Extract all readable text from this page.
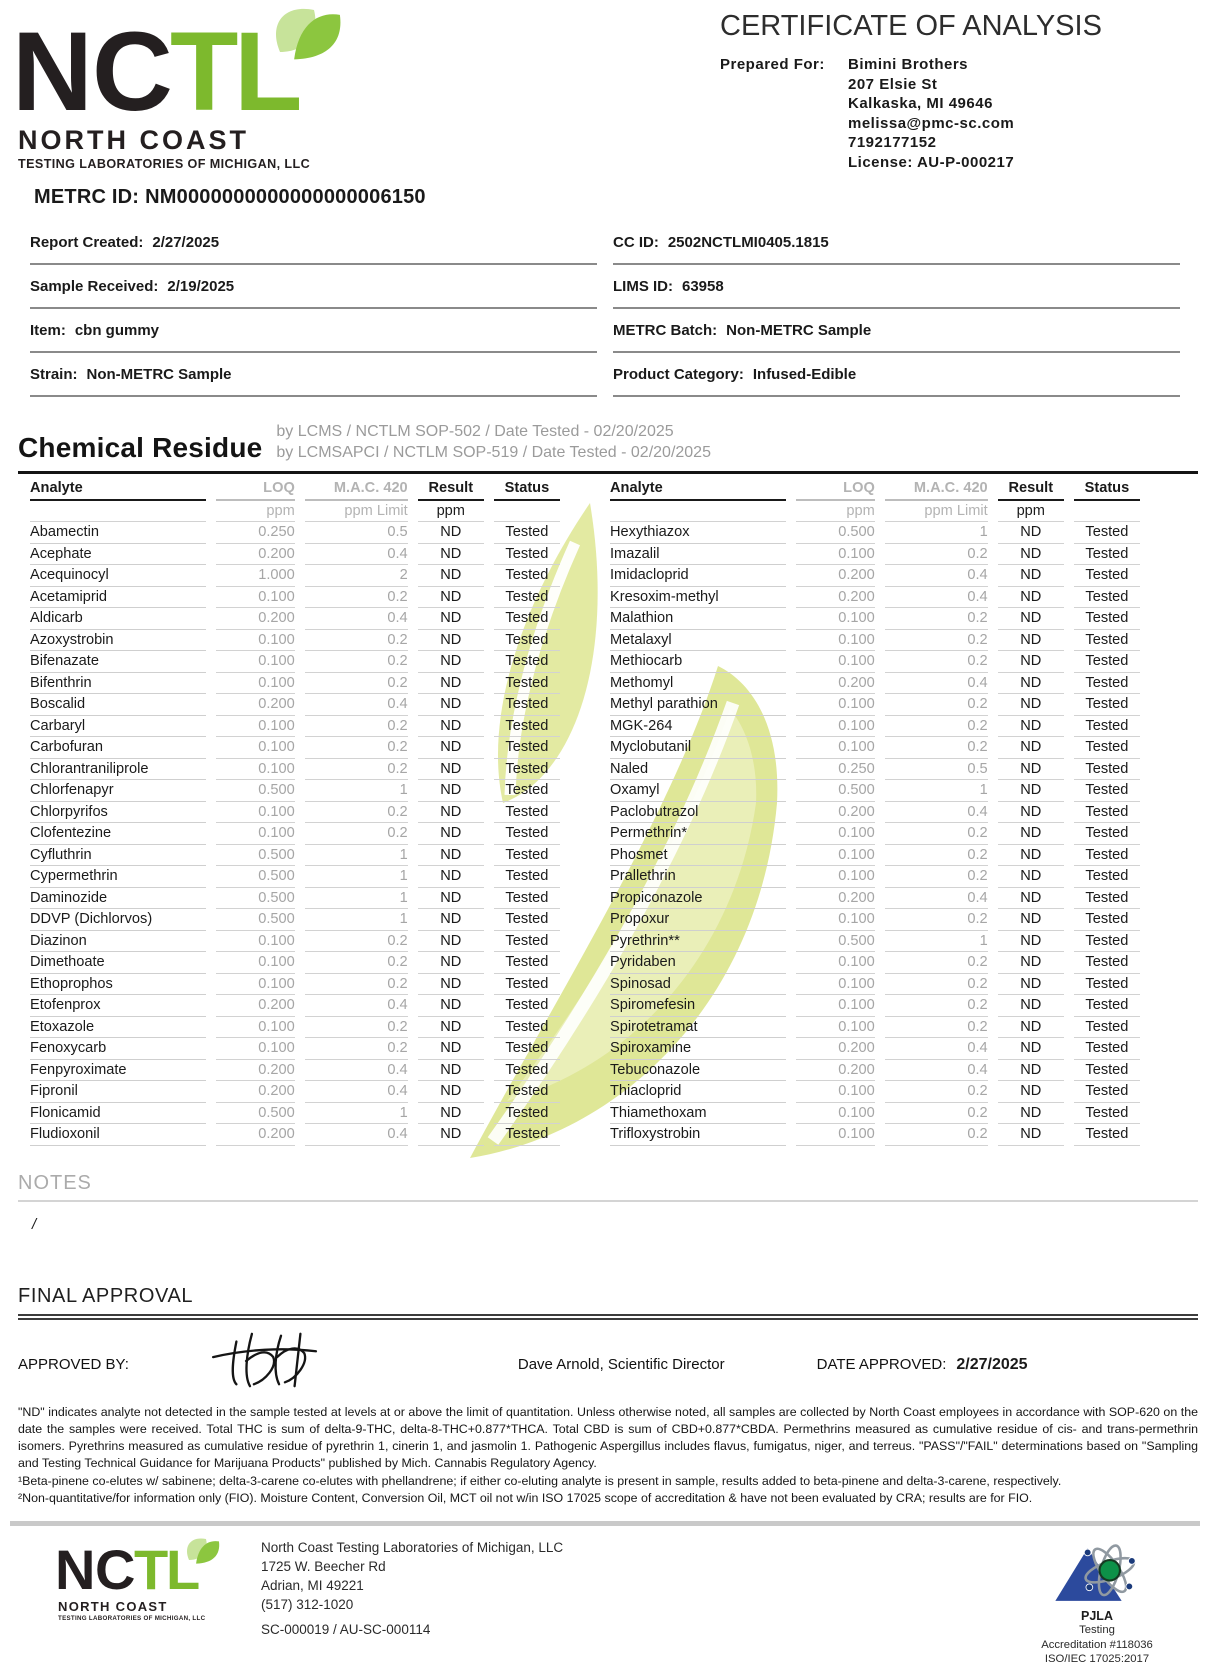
N C
T
L
NORTH COAST
TESTING LABORATORIES OF MICHIGAN, LLC
CERTIFICATE OF ANALYSIS
Prepared For:	Bimini Brothers
207 Elsie St
Kalkaska, MI 49646
melissa@pmc-sc.com
7192177152
License: AU-P-000217
METRC ID: NM0000000000000000006150
Report Created: 2/27/2025	CC ID: 2502NCTLMI0405.1815
Sample Received: 2/19/2025	LIMS ID: 63958
Item: cbn gummy	METRC Batch: Non-METRC Sample
Strain: Non-METRC Sample	Product Category: Infused-Edible
Chemical Residue
by LCMS / NCTLM SOP-502 / Date Tested - 02/20/2025
by LCMSAPCI / NCTLM SOP-519 / Date Tested - 02/20/2025
Analyte	LOQ	M.A.C. 420	Result	Status
	ppm	ppm Limit	ppm	
Abamectin	0.250	0.5	ND	Tested
Acephate	0.200	0.4	ND	Tested
Acequinocyl	1.000	2	ND	Tested
Acetamiprid	0.100	0.2	ND	Tested
Aldicarb	0.200	0.4	ND	Tested
Azoxystrobin	0.100	0.2	ND	Tested
Bifenazate	0.100	0.2	ND	Tested
Bifenthrin	0.100	0.2	ND	Tested
Boscalid	0.200	0.4	ND	Tested
Carbaryl	0.100	0.2	ND	Tested
Carbofuran	0.100	0.2	ND	Tested
Chlorantraniliprole	0.100	0.2	ND	Tested
Chlorfenapyr	0.500	1	ND	Tested
Chlorpyrifos	0.100	0.2	ND	Tested
Clofentezine	0.100	0.2	ND	Tested
Cyfluthrin	0.500	1	ND	Tested
Cypermethrin	0.500	1	ND	Tested
Daminozide	0.500	1	ND	Tested
DDVP (Dichlorvos)	0.500	1	ND	Tested
Diazinon	0.100	0.2	ND	Tested
Dimethoate	0.100	0.2	ND	Tested
Ethoprophos	0.100	0.2	ND	Tested
Etofenprox	0.200	0.4	ND	Tested
Etoxazole	0.100	0.2	ND	Tested
Fenoxycarb	0.100	0.2	ND	Tested
Fenpyroximate	0.200	0.4	ND	Tested
Fipronil	0.200	0.4	ND	Tested
Flonicamid	0.500	1	ND	Tested
Fludioxonil	0.200	0.4	ND	Tested
Analyte	LOQ	M.A.C. 420	Result	Status
	ppm	ppm Limit	ppm	
Hexythiazox	0.500	1	ND	Tested
Imazalil	0.100	0.2	ND	Tested
Imidacloprid	0.200	0.4	ND	Tested
Kresoxim-methyl	0.200	0.4	ND	Tested
Malathion	0.100	0.2	ND	Tested
Metalaxyl	0.100	0.2	ND	Tested
Methiocarb	0.100	0.2	ND	Tested
Methomyl	0.200	0.4	ND	Tested
Methyl parathion	0.100	0.2	ND	Tested
MGK-264	0.100	0.2	ND	Tested
Myclobutanil	0.100	0.2	ND	Tested
Naled	0.250	0.5	ND	Tested
Oxamyl	0.500	1	ND	Tested
Paclobutrazol	0.200	0.4	ND	Tested
Permethrin*	0.100	0.2	ND	Tested
Phosmet	0.100	0.2	ND	Tested
Prallethrin	0.100	0.2	ND	Tested
Propiconazole	0.200	0.4	ND	Tested
Propoxur	0.100	0.2	ND	Tested
Pyrethrin**	0.500	1	ND	Tested
Pyridaben	0.100	0.2	ND	Tested
Spinosad	0.100	0.2	ND	Tested
Spiromefesin	0.100	0.2	ND	Tested
Spirotetramat	0.100	0.2	ND	Tested
Spiroxamine	0.200	0.4	ND	Tested
Tebuconazole	0.200	0.4	ND	Tested
Thiacloprid	0.100	0.2	ND	Tested
Thiamethoxam	0.100	0.2	ND	Tested
Trifloxystrobin	0.100	0.2	ND	Tested
NOTES
/
FINAL APPROVAL
APPROVED BY:	Dave Arnold, Scientific Director	DATE APPROVED: 2/27/2025
"ND" indicates analyte not detected in the sample tested at levels at or above the limit of quantitation. Unless otherwise noted, all samples are collected by North Coast employees in accordance with SOP-620 on the date the samples were received. Total THC is sum of delta-9-THC, delta-8-THC+0.877*THCA. Total CBD is sum of CBD+0.877*CBDA. Permethrins measured as cumulative residue of cis- and trans-permethrin isomers. Pyrethrins measured as cumulative residue of pyrethrin 1, cinerin 1, and jasmolin 1. Pathogenic Aspergillus includes flavus, fumigatus, niger, and terreus. "PASS"/"FAIL" determinations based on "Sampling and Testing Technical Guidance for Marijuana Products" published by Mich. Cannabis Regulatory Agency.
¹Beta-pinene co-elutes w/ sabinene; delta-3-carene co-elutes with phellandrene; if either co-eluting analyte is present in sample, results added to beta-pinene and delta-3-carene, respectively.
²Non-quantitative/for information only (FIO). Moisture Content, Conversion Oil, MCT oil not w/in ISO 17025 scope of accreditation & have not been evaluated by CRA; results are for FIO.
N C
T
L
NORTH COAST
TESTING LABORATORIES OF MICHIGAN, LLC
North Coast Testing Laboratories of Michigan, LLC
1725 W. Beecher Rd
Adrian, MI 49221
(517) 312-1020
SC-000019 / AU-SC-000114
PJLA
Testing
Accreditation #118036
ISO/IEC 17025:2017
